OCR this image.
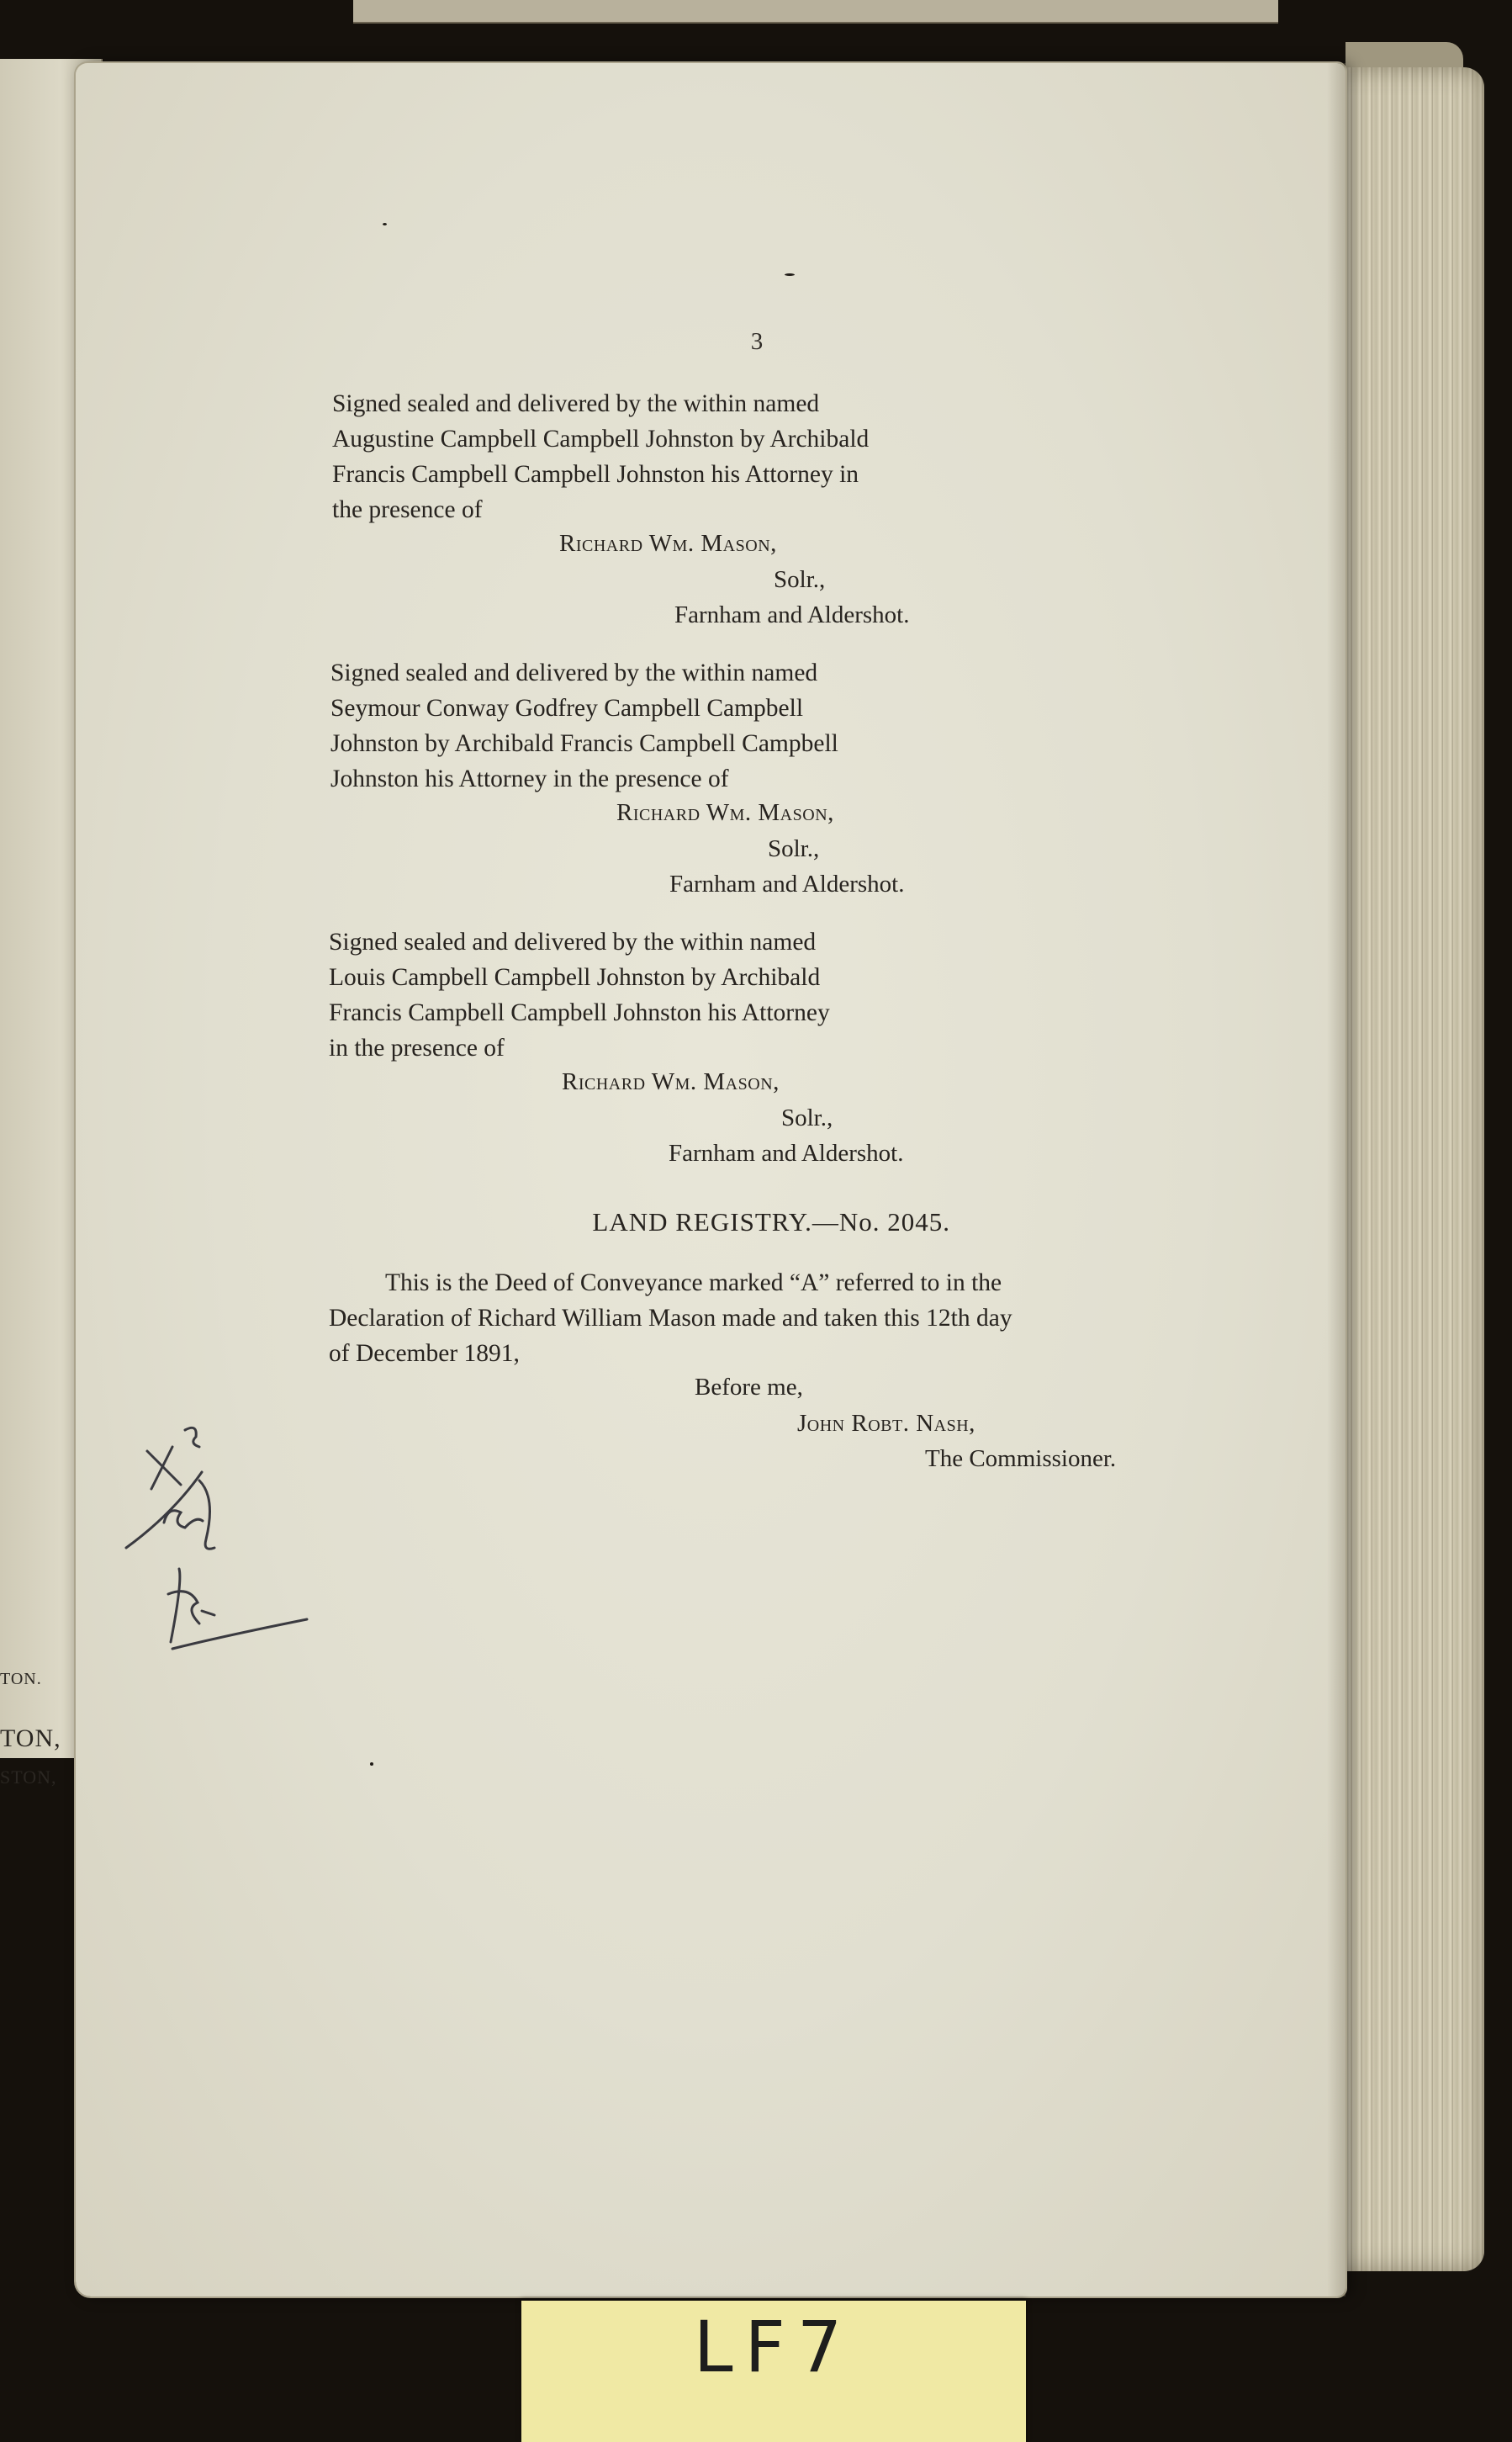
TON.
TON,
STON,
3

Signed sealed and delivered by the within named

Augustine Campbell Campbell Johnston by Archibald

Francis Campbell Campbell Johnston his Attorney in

the presence of

Richard Wm. Mason,

Solr.,

Farnham and Aldershot.

Signed sealed and delivered by the within named

Seymour Conway Godfrey Campbell Campbell

Johnston by Archibald Francis Campbell Campbell

Johnston his Attorney in the presence of

Richard Wm. Mason,

Solr.,

Farnham and Aldershot.

Signed sealed and delivered by the within named

Louis Campbell Campbell Johnston by Archibald

Francis Campbell Campbell Johnston his Attorney

in the presence of

Richard Wm. Mason,

Solr.,

Farnham and Aldershot.

LAND REGISTRY.—No. 2045.

This is the Deed of Conveyance marked “A” referred to in the

Declaration of Richard William Mason made and taken this 12th day

of December 1891,

Before me,

John Robt. Nash,

The Commissioner.

LF7
